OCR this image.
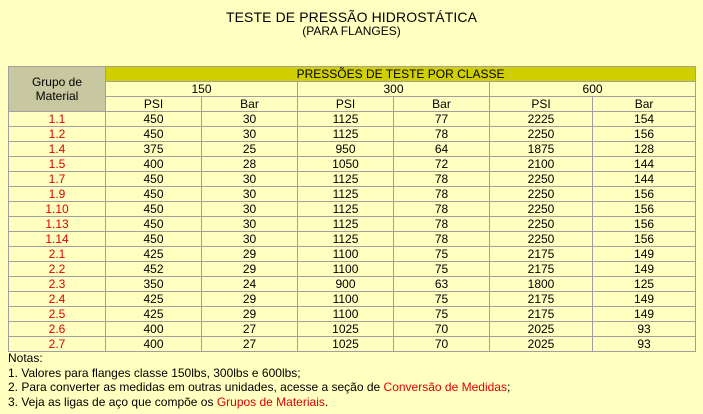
TESTE DE PRESSÃO HIDROSTÁTICA
(PARA FLANGES)
Grupo de Material	PRESSÕES DE TESTE POR CLASSE					
	150		300		600	
	PSI	Bar	PSI	Bar	PSI	Bar
1.1	450	30	1125	77	2225	154
1.2	450	30	1125	78	2250	156
1.4	375	25	950	64	1875	128
1.5	400	28	1050	72	2100	144
1.7	450	30	1125	78	2250	144
1.9	450	30	1125	78	2250	156
1.10	450	30	1125	78	2250	156
1.13	450	30	1125	78	2250	156
1.14	450	30	1125	78	2250	156
2.1	425	29	1100	75	2175	149
2.2	452	29	1100	75	2175	149
2.3	350	24	900	63	1800	125
2.4	425	29	1100	75	2175	149
2.5	425	29	1100	75	2175	149
2.6	400	27	1025	70	2025	93
2.7	400	27	1025	70	2025	93
Notas:
1. Valores para flanges classe 150lbs, 300lbs e 600lbs;
2. Para converter as medidas em outras unidades, acesse a seção de Conversão de Medidas;
3. Veja as ligas de aço que compõe os Grupos de Materiais.
